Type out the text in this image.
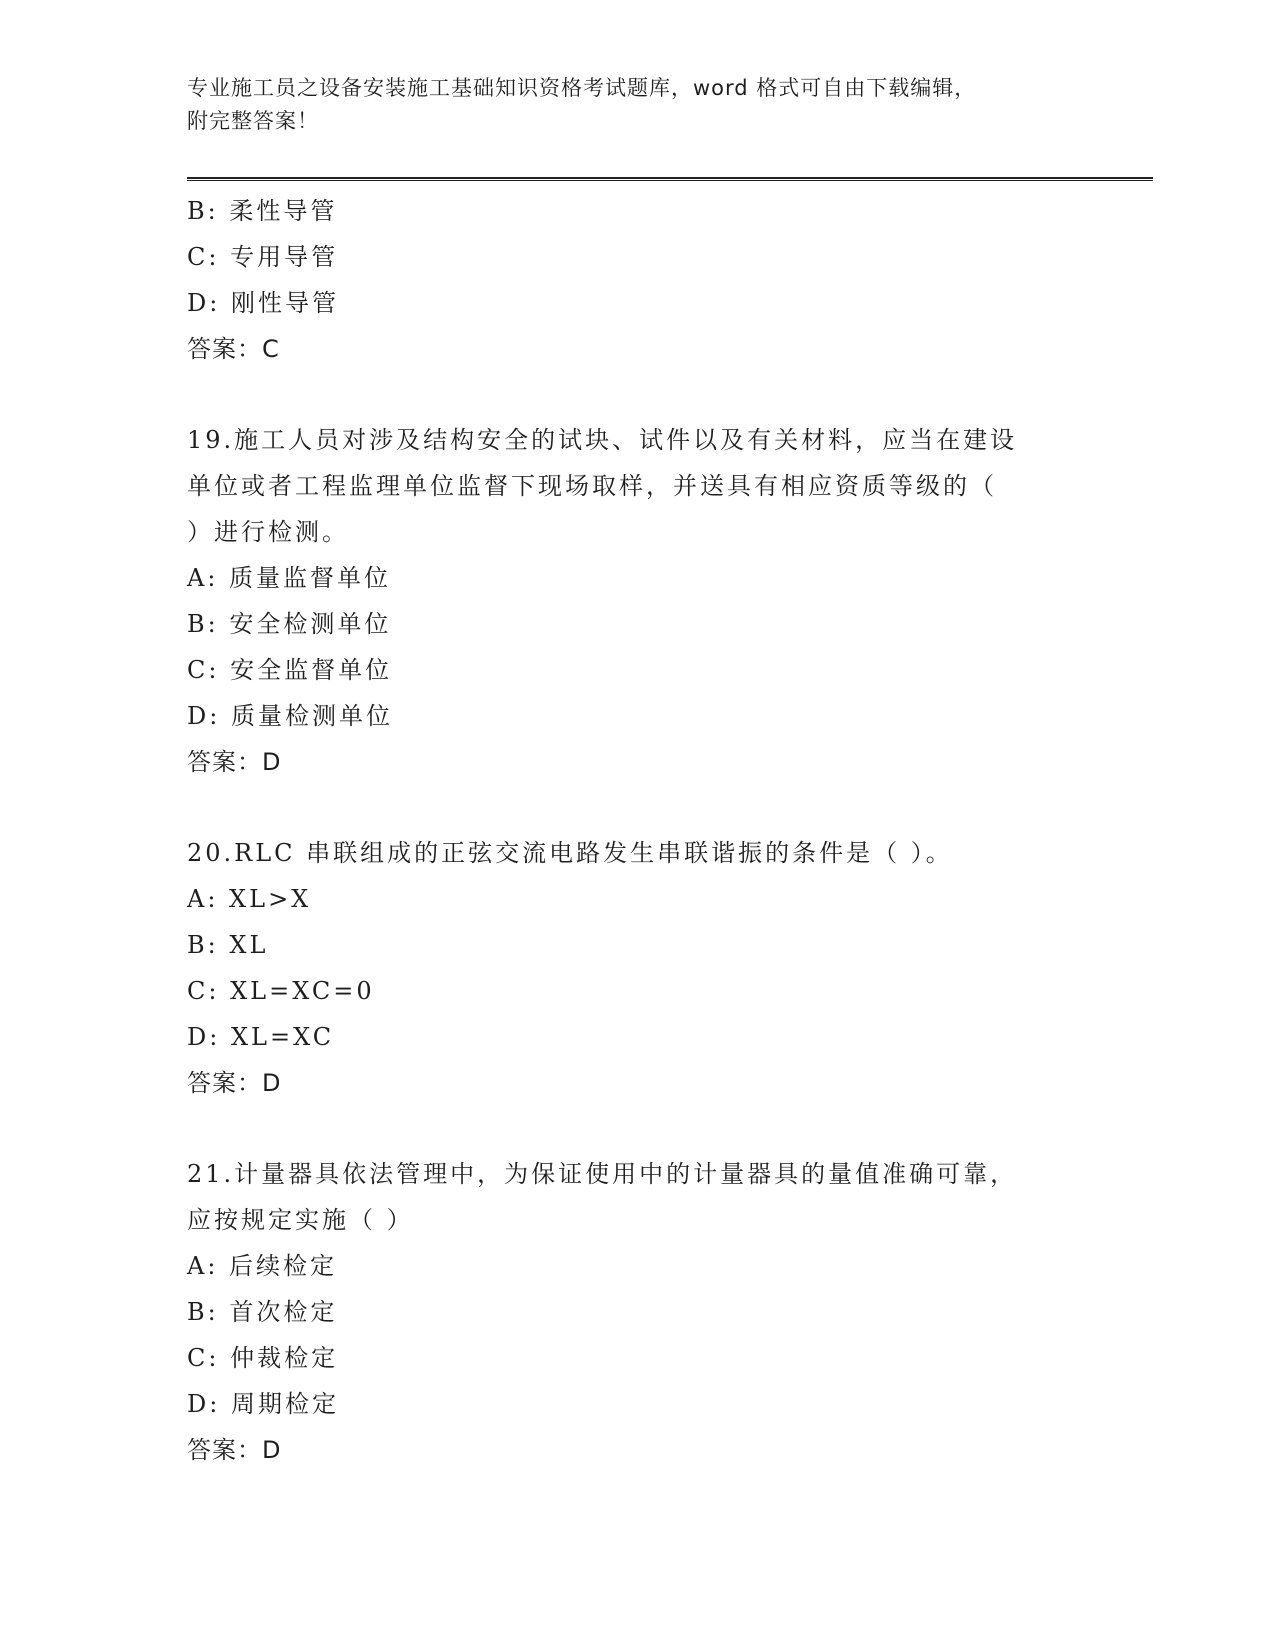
专业施工员之设备安装施工基础知识资格考试题库，word 格式可自由下载编辑，
附完整答案！
B: 柔性导管
C: 专用导管
D: 刚性导管
答案：C
19.施工人员对涉及结构安全的试块、试件以及有关材料，应当在建设
单位或者工程监理单位监督下现场取样，并送具有相应资质等级的（
）进行检测。
A: 质量监督单位
B: 安全检测单位
C: 安全监督单位
D: 质量检测单位
答案：D
20.RLC 串联组成的正弦交流电路发生串联谐振的条件是（ ）。
A: XL>X
B: XL
C: XL=XC=0
D: XL=XC
答案：D
21.计量器具依法管理中，为保证使用中的计量器具的量值准确可靠，
应按规定实施（ ）
A: 后续检定
B: 首次检定
C: 仲裁检定
D: 周期检定
答案：D
